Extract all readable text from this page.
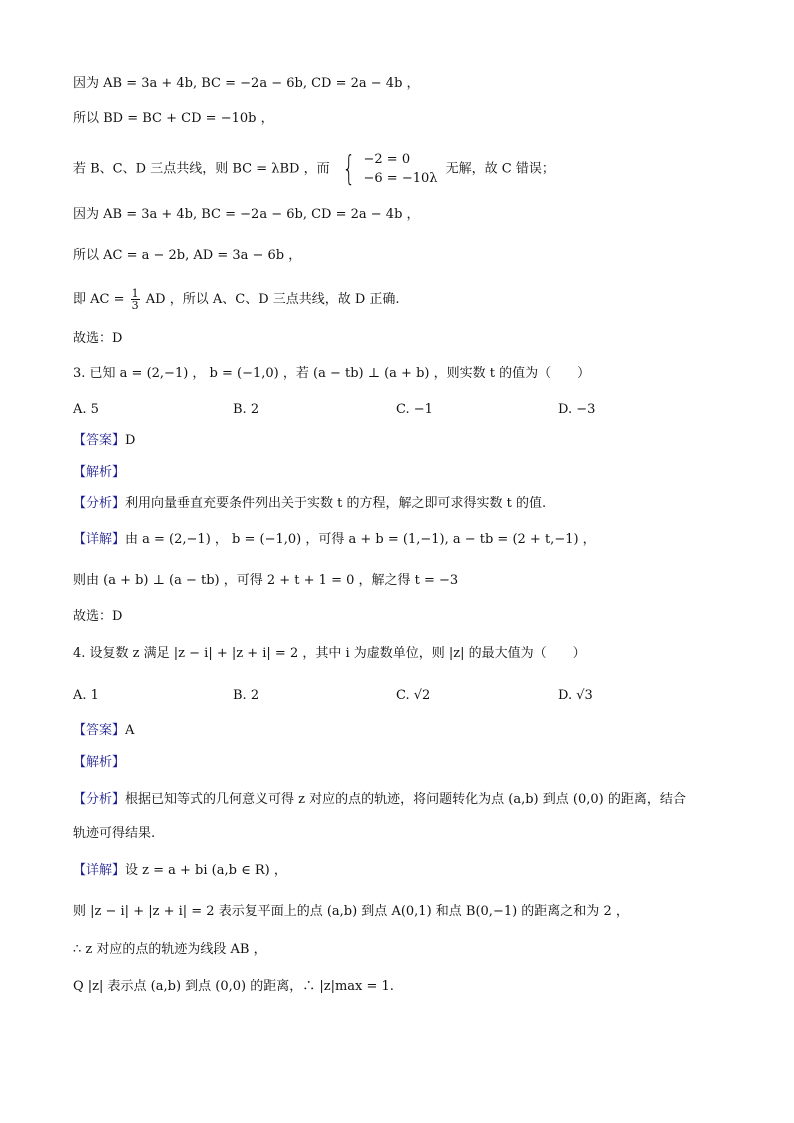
因为 AB = 3a + 4b, BC = −2a − 6b, CD = 2a − 4b ，
所以 BD = BC + CD = −10b ，
若 B、C、D 三点共线，则 BC = λBD ，而 { −2 = 0
−6 = −10λ
无解，故 C 错误；
因为 AB = 3a + 4b, BC = −2a − 6b, CD = 2a − 4b ，
所以 AC = a − 2b, AD = 3a − 6b ，
即 AC = $\frac{1}{3}$ AD ，所以 A、C、D 三点共线，故 D 正确.
故选：D
3. 已知 a = (2,−1) ， b = (−1,0) ，若 (a − tb) ⊥ (a + b) ，则实数 t 的值为（　　）
A. 5	B. 2	C. −1	D. −3
【答案】D
【解析】
【分析】利用向量垂直充要条件列出关于实数 t 的方程，解之即可求得实数 t 的值.
【详解】由 a = (2,−1) ， b = (−1,0) ，可得 a + b = (1,−1), a − tb = (2 + t,−1) ，
则由 (a + b) ⊥ (a − tb) ，可得 2 + t + 1 = 0 ，解之得 t = −3
故选：D
4. 设复数 z 满足 |z − i| + |z + i| = 2 ，其中 i 为虚数单位，则 |z| 的最大值为（　　）
A. 1	B. 2	C. √2	D. √3
【答案】A
【解析】
【分析】根据已知等式的几何意义可得 z 对应的点的轨迹，将问题转化为点 (a,b) 到点 (0,0) 的距离，结合
轨迹可得结果.
【详解】设 z = a + bi (a,b ∈ R) ，
则 |z − i| + |z + i| = 2 表示复平面上的点 (a,b) 到点 A(0,1) 和点 B(0,−1) 的距离之和为 2 ，
∴ z 对应的点的轨迹为线段 AB ，
Q |z| 表示点 (a,b) 到点 (0,0) 的距离，∴ |z|max = 1.
